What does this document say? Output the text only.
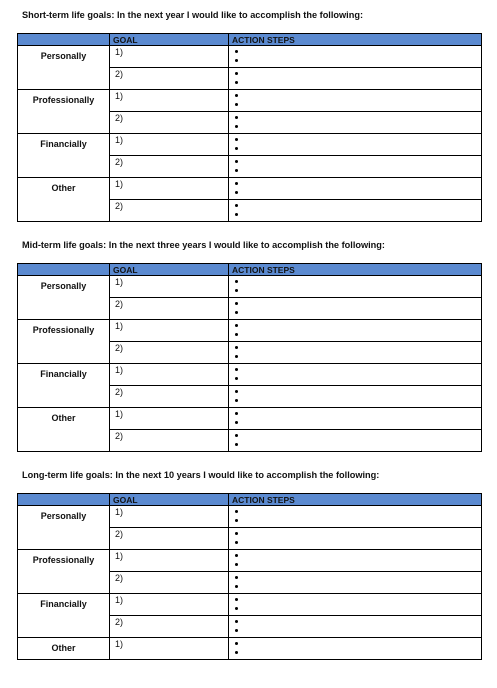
Short-term life goals: In the next year I would like to accomplish the following:
	GOAL	ACTION STEPS
Personally	1)	

	2)	

Professionally	1)	

	2)	

Financially	1)	

	2)	

Other	1)	

	2)	
Mid-term life goals: In the next three years I would like to accomplish the following:
	GOAL	ACTION STEPS
Personally	1)	

	2)	

Professionally	1)	

	2)	

Financially	1)	

	2)	

Other	1)	

	2)	
Long-term life goals: In the next 10 years I would like to accomplish the following:
	GOAL	ACTION STEPS
Personally	1)	

	2)	

Professionally	1)	

	2)	

Financially	1)	

	2)	

Other	1)	
